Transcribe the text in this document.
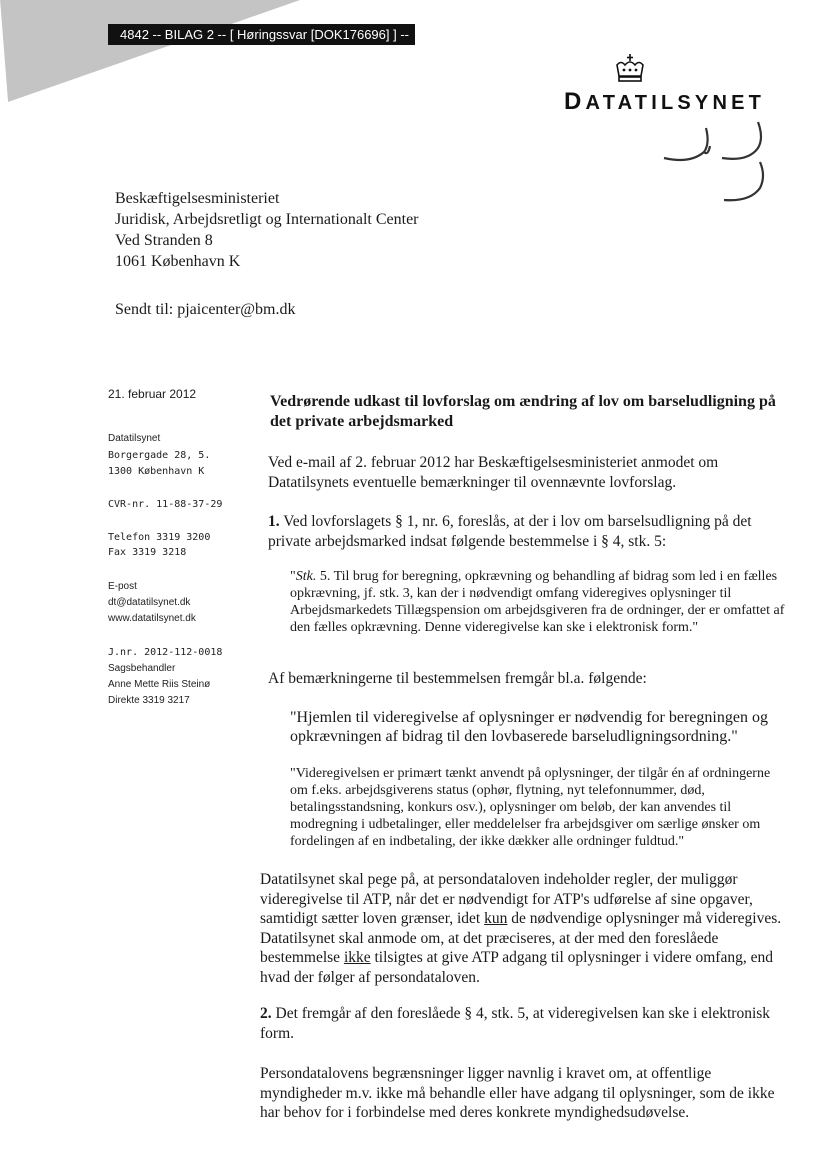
4842 -- BILAG 2 -- [ Høringssvar [DOK176696] ] --
DATATILSYNET
Beskæftigelsesministeriet
Juridisk, Arbejdsretligt og Internationalt Center
Ved Stranden 8
1061 København K
Sendt til: pjaicenter@bm.dk
21. februar 2012
Datatilsynet
Borgergade 28, 5.
1300 København K
CVR-nr. 11-88-37-29
Telefon 3319 3200
Fax 3319 3218
E-post
dt@datatilsynet.dk
www.datatilsynet.dk
J.nr. 2012-112-0018
Sagsbehandler
Anne Mette Riis Steinø
Direkte 3319 3217
Vedrørende udkast til lovforslag om ændring af lov om barseludligning på det private arbejdsmarked

Ved e-mail af 2. februar 2012 har Beskæftigelsesministeriet anmodet om Datatilsynets eventuelle bemærkninger til ovennævnte lovforslag.

1. Ved lovforslagets § 1, nr. 6, foreslås, at der i lov om barselsudligning på det private arbejdsmarked indsat følgende bestemmelse i § 4, stk. 5:

"Stk. 5. Til brug for beregning, opkrævning og behandling af bidrag som led i en fælles opkrævning, jf. stk. 3, kan der i nødvendigt omfang videregives oplysninger til Arbejdsmarkedets Tillægspension om arbejdsgiveren fra de ordninger, der er omfattet af den fælles opkrævning. Denne videregivelse kan ske i elektronisk form."

Af bemærkningerne til bestemmelsen fremgår bl.a. følgende:

"Hjemlen til videregivelse af oplysninger er nødvendig for beregningen og opkrævningen af bidrag til den lovbaserede barseludligningsordning."

"Videregivelsen er primært tænkt anvendt på oplysninger, der tilgår én af ordningerne om f.eks. arbejdsgiverens status (ophør, flytning, nyt telefonnummer, død, betalingsstandsning, konkurs osv.), oplysninger om beløb, der kan anvendes til modregning i udbetalinger, eller meddelelser fra arbejdsgiver om særlige ønsker om fordelingen af en indbetaling, der ikke dækker alle ordninger fuldtud."

Datatilsynet skal pege på, at persondataloven indeholder regler, der muliggør videregivelse til ATP, når det er nødvendigt for ATP's udførelse af sine opgaver, samtidigt sætter loven grænser, idet kun de nødvendige oplysninger må videregives. Datatilsynet skal anmode om, at det præciseres, at der med den foreslåede bestemmelse ikke tilsigtes at give ATP adgang til oplysninger i videre omfang, end hvad der følger af persondataloven.

2. Det fremgår af den foreslåede § 4, stk. 5, at videregivelsen kan ske i elektronisk form.

Persondatalovens begrænsninger ligger navnlig i kravet om, at offentlige myndigheder m.v. ikke må behandle eller have adgang til oplysninger, som de ikke har behov for i forbindelse med deres konkrete myndighedsudøvelse.
